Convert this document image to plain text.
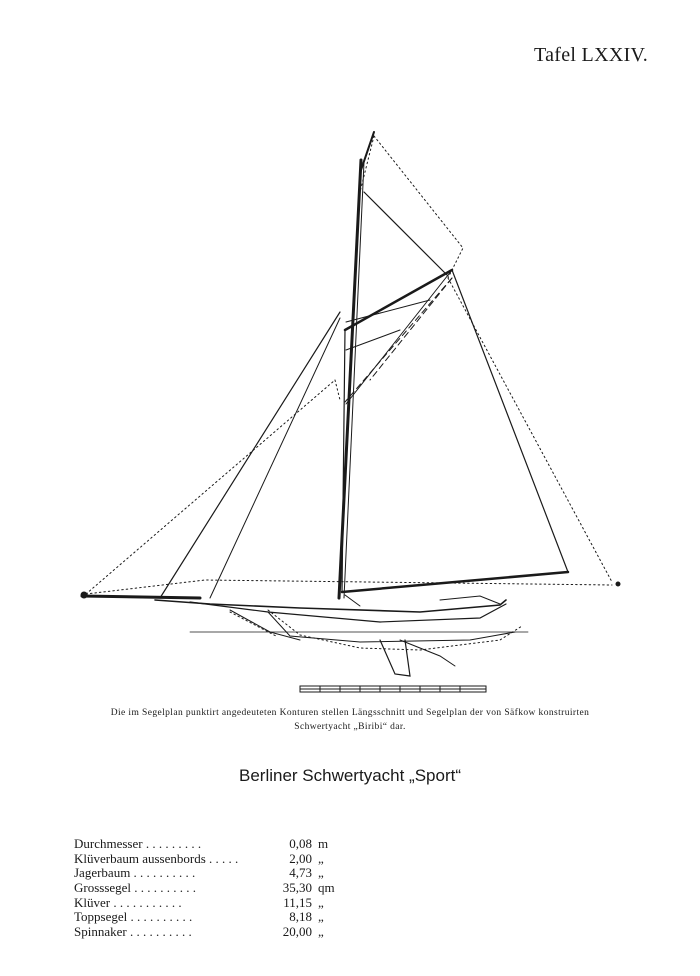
Tafel LXXIV.
Die im Segelplan punktirt angedeuteten Konturen stellen Längsschnitt und Segelplan der von Säfkow konstruirten
Schwertyacht „Biribi“ dar.
Berliner Schwertyacht „Sport“
Durchmesser . . . . . . . . .	0,08 m
Klüverbaum aussenbords . . . . .	2,00 „
Jagerbaum . . . . . . . . . .	4,73 „
Grosssegel . . . . . . . . . .	35,30 qm
Klüver . . . . . . . . . . .	11,15 „
Toppsegel . . . . . . . . . .	8,18 „
Spinnaker . . . . . . . . . .	20,00 „
